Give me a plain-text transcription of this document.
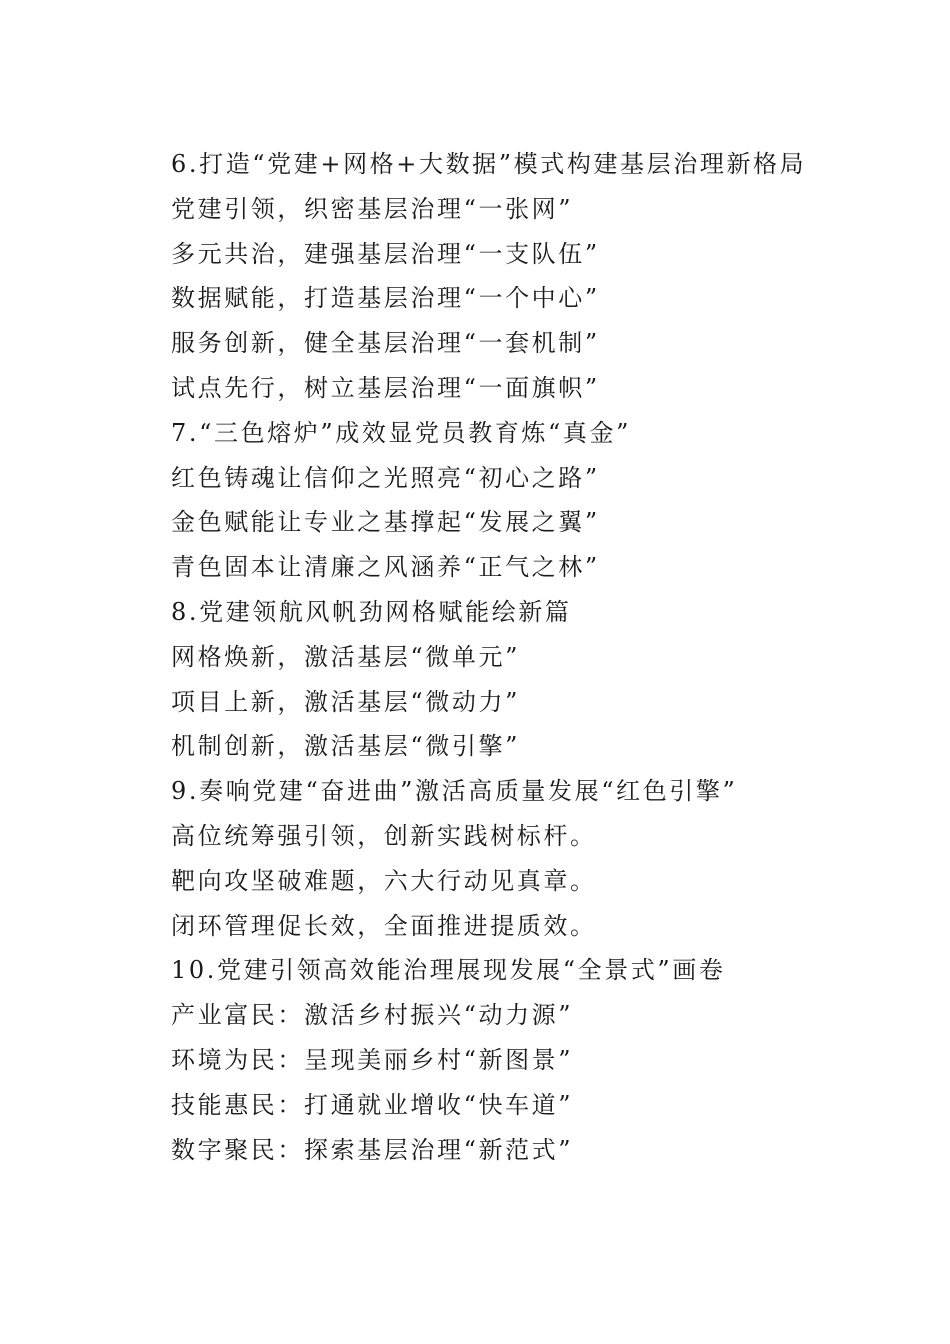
6.打造“党建+网格+大数据”模式构建基层治理新格局
党建引领，织密基层治理“一张网”
多元共治，建强基层治理“一支队伍”
数据赋能，打造基层治理“一个中心”
服务创新，健全基层治理“一套机制”
试点先行，树立基层治理“一面旗帜”
7.“三色熔炉”成效显党员教育炼“真金”
红色铸魂让信仰之光照亮“初心之路”
金色赋能让专业之基撑起“发展之翼”
青色固本让清廉之风涵养“正气之林”
8.党建领航风帆劲网格赋能绘新篇
网格焕新，激活基层“微单元”
项目上新，激活基层“微动力”
机制创新，激活基层“微引擎”
9.奏响党建“奋进曲”激活高质量发展“红色引擎”
高位统筹强引领，创新实践树标杆。
靶向攻坚破难题，六大行动见真章。
闭环管理促长效，全面推进提质效。
10.党建引领高效能治理展现发展“全景式”画卷
产业富民：激活乡村振兴“动力源”
环境为民：呈现美丽乡村“新图景”
技能惠民：打通就业增收“快车道”
数字聚民：探索基层治理“新范式”
